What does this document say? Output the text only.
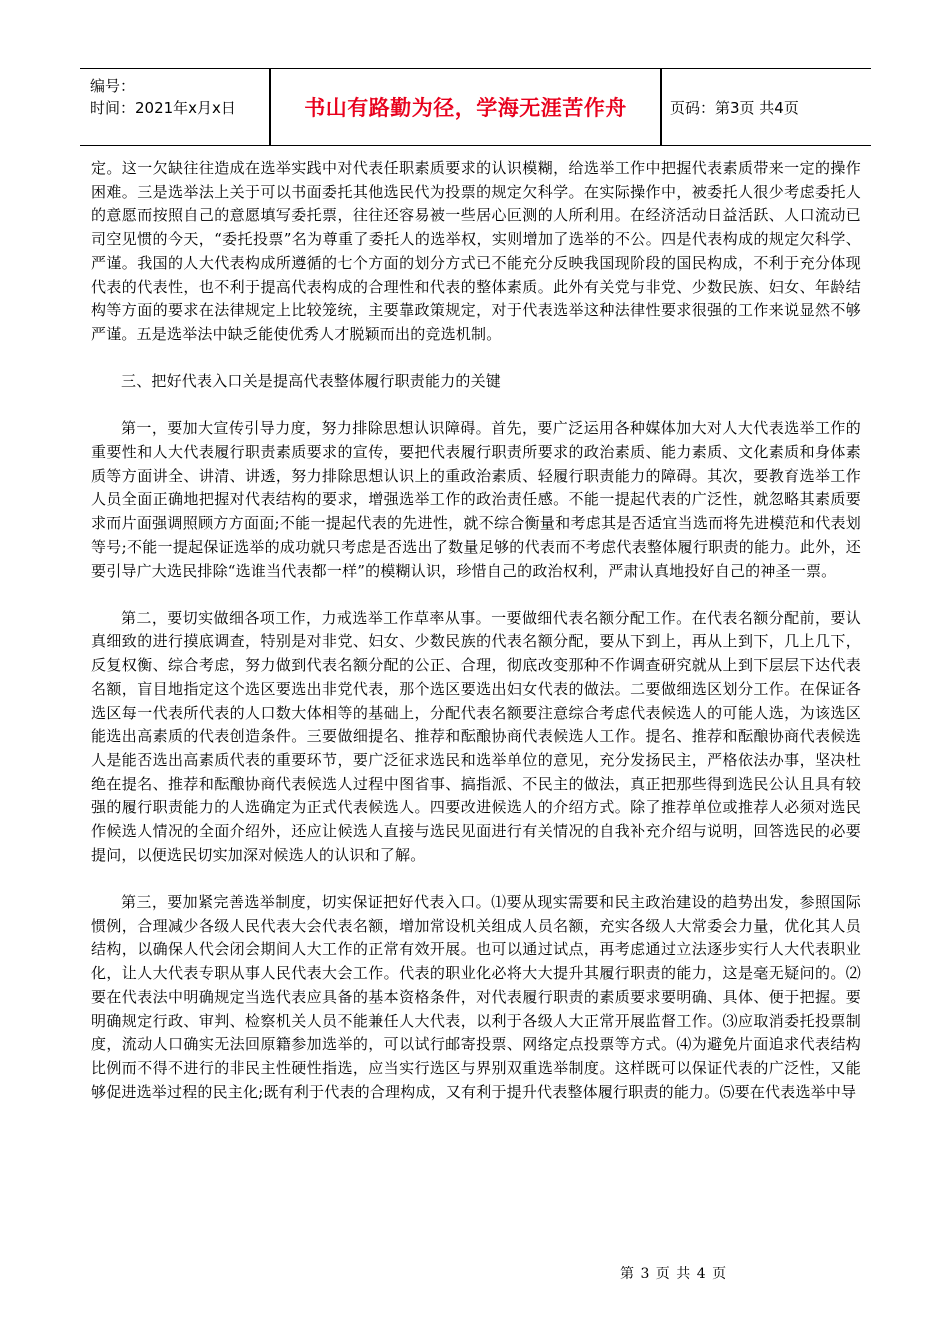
编号：
时间：2021年x月x日	书山有路勤为径，学海无涯苦作舟	页码：第3页 共4页

定。这一欠缺往往造成在选举实践中对代表任职素质要求的认识模糊，给选举工作中把握代表素质带来一定的操作困难。三是选举法上关于可以书面委托其他选民代为投票的规定欠科学。在实际操作中，被委托人很少考虑委托人的意愿而按照自己的意愿填写委托票，往往还容易被一些居心叵测的人所利用。在经济活动日益活跃、人口流动已司空见惯的今天，“委托投票”名为尊重了委托人的选举权，实则增加了选举的不公。四是代表构成的规定欠科学、严谨。我国的人大代表构成所遵循的七个方面的划分方式已不能充分反映我国现阶段的国民构成，不利于充分体现代表的代表性，也不利于提高代表构成的合理性和代表的整体素质。此外有关党与非党、少数民族、妇女、年龄结构等方面的要求在法律规定上比较笼统，主要靠政策规定，对于代表选举这种法律性要求很强的工作来说显然不够严谨。五是选举法中缺乏能使优秀人才脱颖而出的竞选机制。

三、把好代表入口关是提高代表整体履行职责能力的关键

第一，要加大宣传引导力度，努力排除思想认识障碍。首先，要广泛运用各种媒体加大对人大代表选举工作的重要性和人大代表履行职责素质要求的宣传，要把代表履行职责所要求的政治素质、能力素质、文化素质和身体素质等方面讲全、讲清、讲透，努力排除思想认识上的重政治素质、轻履行职责能力的障碍。其次，要教育选举工作人员全面正确地把握对代表结构的要求，增强选举工作的政治责任感。不能一提起代表的广泛性，就忽略其素质要求而片面强调照顾方方面面;不能一提起代表的先进性，就不综合衡量和考虑其是否适宜当选而将先进模范和代表划等号;不能一提起保证选举的成功就只考虑是否选出了数量足够的代表而不考虑代表整体履行职责的能力。此外，还要引导广大选民排除“选谁当代表都一样”的模糊认识，珍惜自己的政治权利，严肃认真地投好自己的神圣一票。

第二，要切实做细各项工作，力戒选举工作草率从事。一要做细代表名额分配工作。在代表名额分配前，要认真细致的进行摸底调查，特别是对非党、妇女、少数民族的代表名额分配，要从下到上，再从上到下，几上几下，反复权衡、综合考虑，努力做到代表名额分配的公正、合理，彻底改变那种不作调查研究就从上到下层层下达代表名额，盲目地指定这个选区要选出非党代表，那个选区要选出妇女代表的做法。二要做细选区划分工作。在保证各选区每一代表所代表的人口数大体相等的基础上，分配代表名额要注意综合考虑代表候选人的可能人选，为该选区能选出高素质的代表创造条件。三要做细提名、推荐和酝酿协商代表候选人工作。提名、推荐和酝酿协商代表候选人是能否选出高素质代表的重要环节，要广泛征求选民和选举单位的意见，充分发扬民主，严格依法办事，坚决杜绝在提名、推荐和酝酿协商代表候选人过程中图省事、搞指派、不民主的做法，真正把那些得到选民公认且具有较强的履行职责能力的人选确定为正式代表候选人。四要改进候选人的介绍方式。除了推荐单位或推荐人必须对选民作候选人情况的全面介绍外，还应让候选人直接与选民见面进行有关情况的自我补充介绍与说明，回答选民的必要提问，以便选民切实加深对候选人的认识和了解。

第三，要加紧完善选举制度，切实保证把好代表入口。⑴要从现实需要和民主政治建设的趋势出发，参照国际惯例，合理减少各级人民代表大会代表名额，增加常设机关组成人员名额，充实各级人大常委会力量，优化其人员结构，以确保人代会闭会期间人大工作的正常有效开展。也可以通过试点，再考虑通过立法逐步实行人大代表职业化，让人大代表专职从事人民代表大会工作。代表的职业化必将大大提升其履行职责的能力，这是毫无疑问的。⑵要在代表法中明确规定当选代表应具备的基本资格条件，对代表履行职责的素质要求要明确、具体、便于把握。要明确规定行政、审判、检察机关人员不能兼任人大代表，以利于各级人大正常开展监督工作。⑶应取消委托投票制度，流动人口确实无法回原籍参加选举的，可以试行邮寄投票、网络定点投票等方式。⑷为避免片面追求代表结构比例而不得不进行的非民主性硬性指选，应当实行选区与界别双重选举制度。这样既可以保证代表的广泛性，又能够促进选举过程的民主化;既有利于代表的合理构成，又有利于提升代表整体履行职责的能力。⑸要在代表选举中导

第 3 页 共 4 页
